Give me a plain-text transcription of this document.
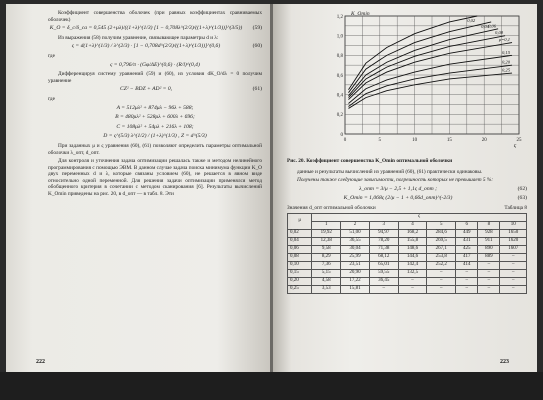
Коэффициент совершенства оболочек (при равных коэффициентах сравниваемых оболочек)

K_O = δ_c/δ_ca = 0,545 (2+μλ)/((1+λ)^(1/3) [1 − 0,708λ^(2/3)/((1+λ)^(1/3))]^(3/5))	(59)

Из выражения (58) получим уравнение, связывающее параметры d и λ:

ς = d(1+λ)^(1/3) / λ^(2/3) · [1 − 0,708d^(2/3)/((1+λ)^(1/3))]^(0,6)	(60)
где
ς = 0,796/π · (Gφ/ΔE)^(0,6) · (R/l)^(0,4)

Дифференцируя систему уравнений (59) и (60), из условия dK_O/dλ = 0 получим уравнение

CZ² − BDZ + AD² = 0,	(61)
где
A = 512μλ² + 874μλ − 96λ + 588;
B = 480μλ² + 528μλ + 600λ + 696;
C = 108μλ² + 54μλ + 216λ + 108;
D = ς^(5/3) λ^(1/2) / (1+λ)^(1/3) , Z = d^(5/3)

При заданных μ и ς уравнения (60), (61) позволяют определить параметры оптимальной оболочки λ_опт, d_опт.

Для контроля и уточнения задача оптимизации решалась также и методом нелинейного программирования с помощью ЭВМ. В данном случае задача поиска минимума функции K_O двух переменных d и λ, которые связаны условием (60), не решается в явном виде относительно одной переменной. Для решения задачи оптимизации применялся метод обобщенного критерия в сочетании с методом сканирования [6]. Результаты вычислений K_Omin приведены на рис. 20, в d_опт — в табл. 8. Эти

222
0	5	10	15	20	25
0
0,2
0,4
0,6
0,8
1,0
1,2
ς
K_Omin
0,02
0,04
0,06
0,08
μ=0,1
0,15
0,20
0,25
Рис. 20. Коэффициент совершенства K_Omin оптимальной оболочки

данные и результаты вычислений из уравнений (60), (61) практически одинаковы.

Получены также следующие зависимости, погрешность которых не превышает 5 %:

λ_опт = 3/μ − 2,5 + 1,1ς d_опт ;	(62)
K_Omin = 1,068ς (2/μ − 1 + 0,66d_опт)^(-2/3)	(63)
Значения d_опт оптимальной оболочки	Таблица 8
μ	ς							
	1	2	3	4	5	6	8	10
0,02	19,92	51,00	94,97	168,2	284,6	449	928	1650
0,04	12,38	36,55	78,20	155,8	269,5	431	911	1620
0,06	9,58	30,04	71,38	148,6	267,1	425	890	1607
0,08	8,29	25,99	68,12	144,6	253,8	417	889	–
0,10	7,36	23,51	65,01	142,4	252,2	414	–	–
0,15	5,15	20,90	59,55	132,5	–	–	–	–
0,20	4,58	17,22	36,45	–	–	–	–	–
0,25	3,53	15,81	–	–	–	–	–	–
223
